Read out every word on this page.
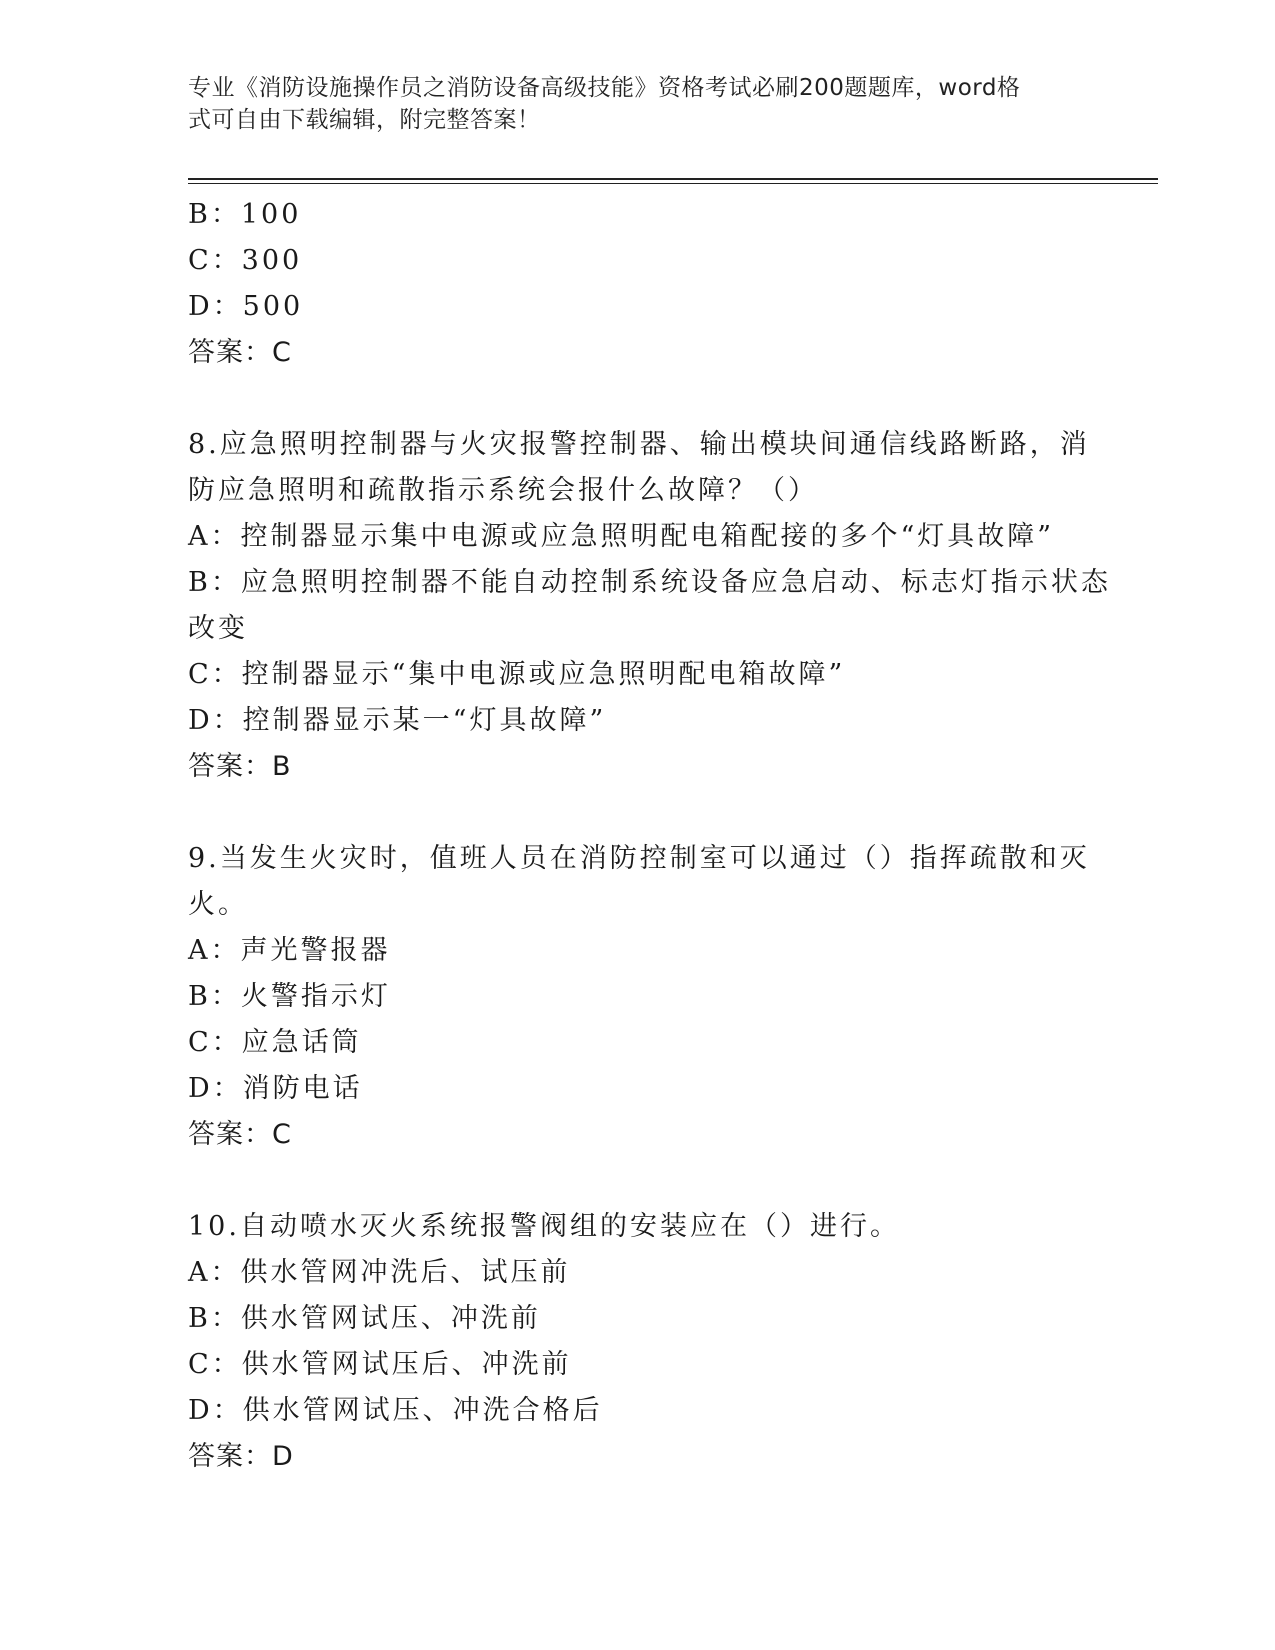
专业《消防设施操作员之消防设备高级技能》资格考试必刷200题题库，word格
式可自由下载编辑，附完整答案！
B：100
C：300
D：500
答案：C
8.应急照明控制器与火灾报警控制器、输出模块间通信线路断路，消
防应急照明和疏散指示系统会报什么故障？（）
A：控制器显示集中电源或应急照明配电箱配接的多个“灯具故障”
B：应急照明控制器不能自动控制系统设备应急启动、标志灯指示状态
改变
C：控制器显示“集中电源或应急照明配电箱故障”
D：控制器显示某一“灯具故障”
答案：B
9.当发生火灾时，值班人员在消防控制室可以通过（）指挥疏散和灭
火。
A：声光警报器
B：火警指示灯
C：应急话筒
D：消防电话
答案：C
10.自动喷水灭火系统报警阀组的安装应在（）进行。
A：供水管网冲洗后、试压前
B：供水管网试压、冲洗前
C：供水管网试压后、冲洗前
D：供水管网试压、冲洗合格后
答案：D
